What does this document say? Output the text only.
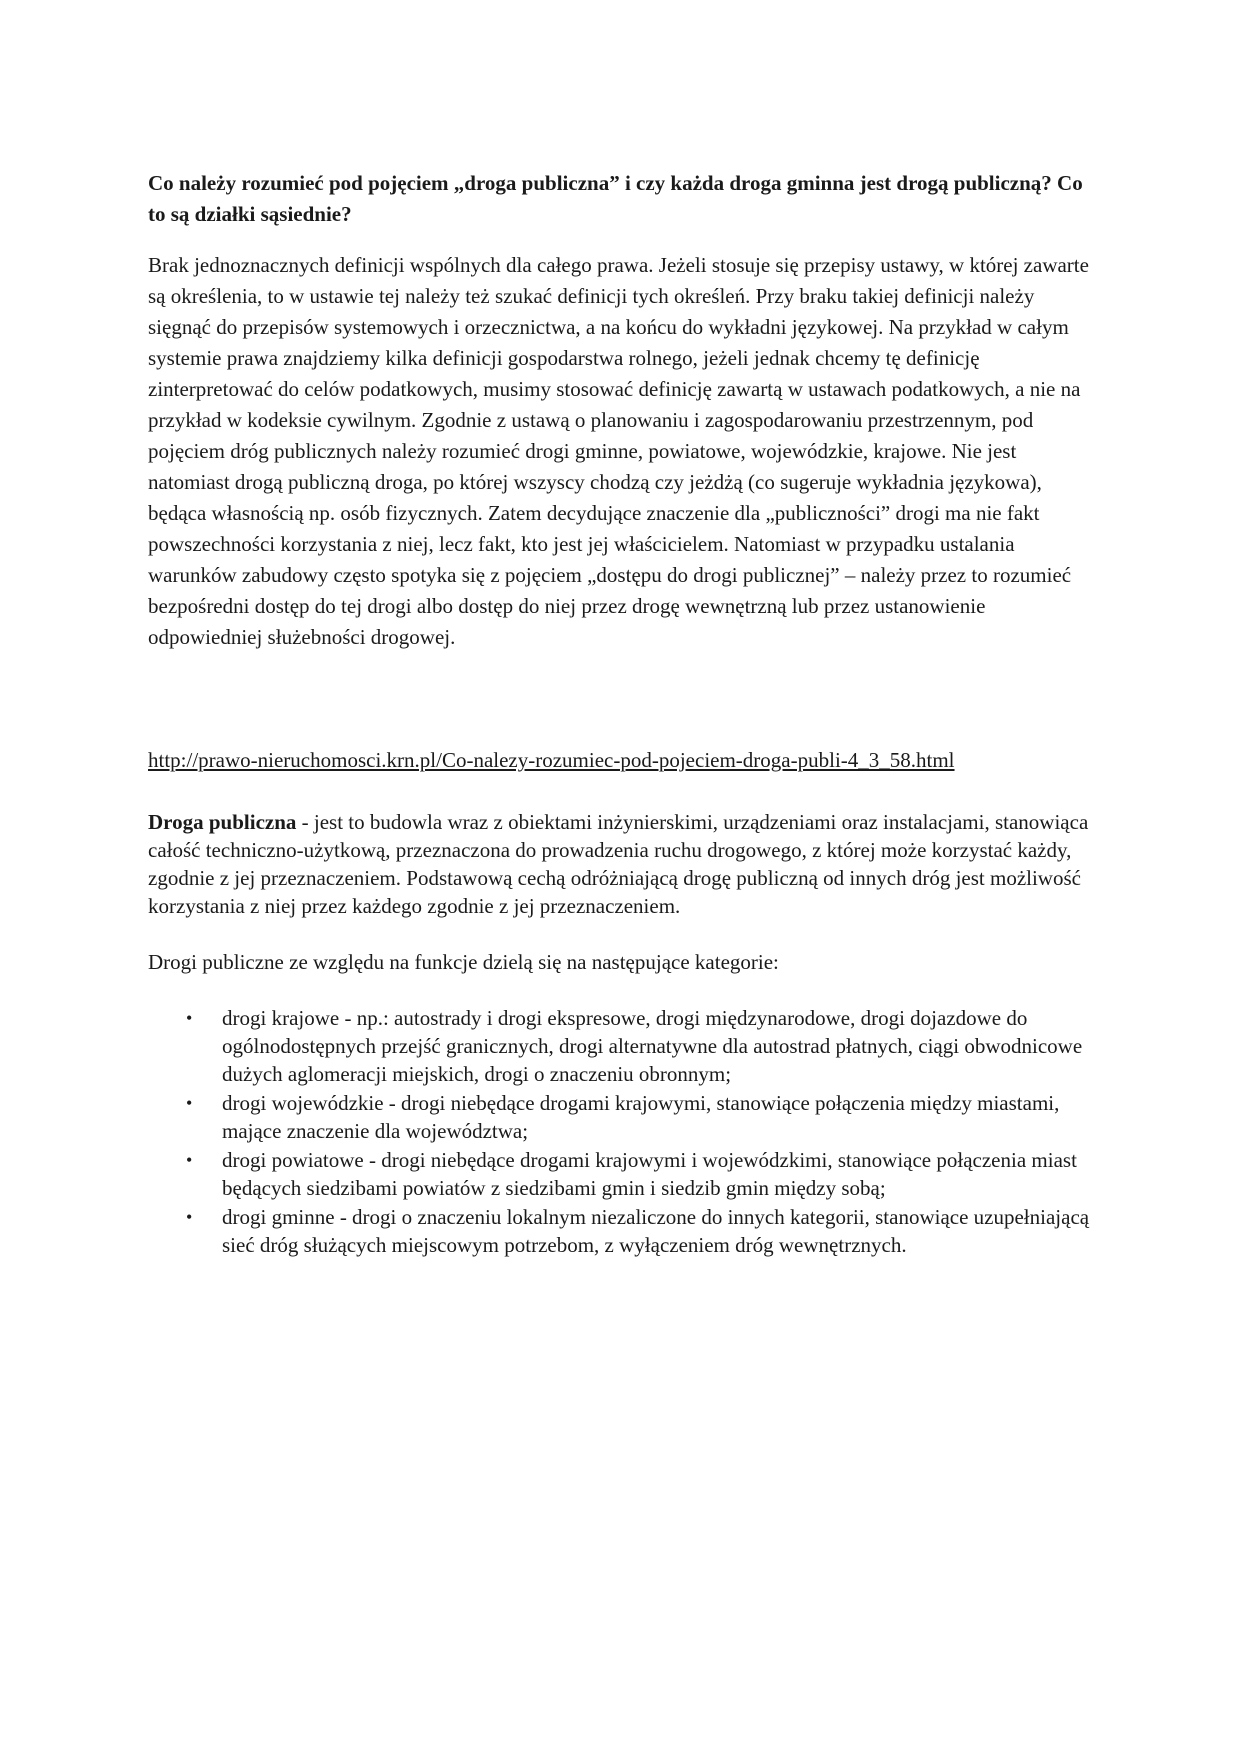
Co należy rozumieć pod pojęciem „droga publiczna” i czy każda droga gminna jest drogą publiczną? Co to są działki sąsiednie?

Brak jednoznacznych definicji wspólnych dla całego prawa. Jeżeli stosuje się przepisy ustawy, w której zawarte są określenia, to w ustawie tej należy też szukać definicji tych określeń. Przy braku takiej definicji należy sięgnąć do przepisów systemowych i orzecznictwa, a na końcu do wykładni językowej. Na przykład w całym systemie prawa znajdziemy kilka definicji gospodarstwa rolnego, jeżeli jednak chcemy tę definicję zinterpretować do celów podatkowych, musimy stosować definicję zawartą w ustawach podatkowych, a nie na przykład w kodeksie cywilnym. Zgodnie z ustawą o planowaniu i zagospodarowaniu przestrzennym, pod pojęciem dróg publicznych należy rozumieć drogi gminne, powiatowe, wojewódzkie, krajowe. Nie jest natomiast drogą publiczną droga, po której wszyscy chodzą czy jeżdżą (co sugeruje wykładnia językowa), będąca własnością np. osób fizycznych. Zatem decydujące znaczenie dla „publiczności” drogi ma nie fakt powszechności korzystania z niej, lecz fakt, kto jest jej właścicielem. Natomiast w przypadku ustalania warunków zabudowy często spotyka się z pojęciem „dostępu do drogi publicznej” – należy przez to rozumieć bezpośredni dostęp do tej drogi albo dostęp do niej przez drogę wewnętrzną lub przez ustanowienie odpowiedniej służebności drogowej.

http://prawo-nieruchomosci.krn.pl/Co-nalezy-rozumiec-pod-pojeciem-droga-publi-4_3_58.html

Droga publiczna - jest to budowla wraz z obiektami inżynierskimi, urządzeniami oraz instalacjami, stanowiąca całość techniczno-użytkową, przeznaczona do prowadzenia ruchu drogowego, z której może korzystać każdy, zgodnie z jej przeznaczeniem. Podstawową cechą odróżniającą drogę publiczną od innych dróg jest możliwość korzystania z niej przez każdego zgodnie z jej przeznaczeniem.

Drogi publiczne ze względu na funkcje dzielą się na następujące kategorie:

• drogi krajowe - np.: autostrady i drogi ekspresowe, drogi międzynarodowe, drogi dojazdowe do ogólnodostępnych przejść granicznych, drogi alternatywne dla autostrad płatnych, ciągi obwodnicowe dużych aglomeracji miejskich, drogi o znaczeniu obronnym;
• drogi wojewódzkie - drogi niebędące drogami krajowymi, stanowiące połączenia między miastami, mające znaczenie dla województwa;
• drogi powiatowe - drogi niebędące drogami krajowymi i wojewódzkimi, stanowiące połączenia miast będących siedzibami powiatów z siedzibami gmin i siedzib gmin między sobą;
• drogi gminne - drogi o znaczeniu lokalnym niezaliczone do innych kategorii, stanowiące uzupełniającą sieć dróg służących miejscowym potrzebom, z wyłączeniem dróg wewnętrznych.
